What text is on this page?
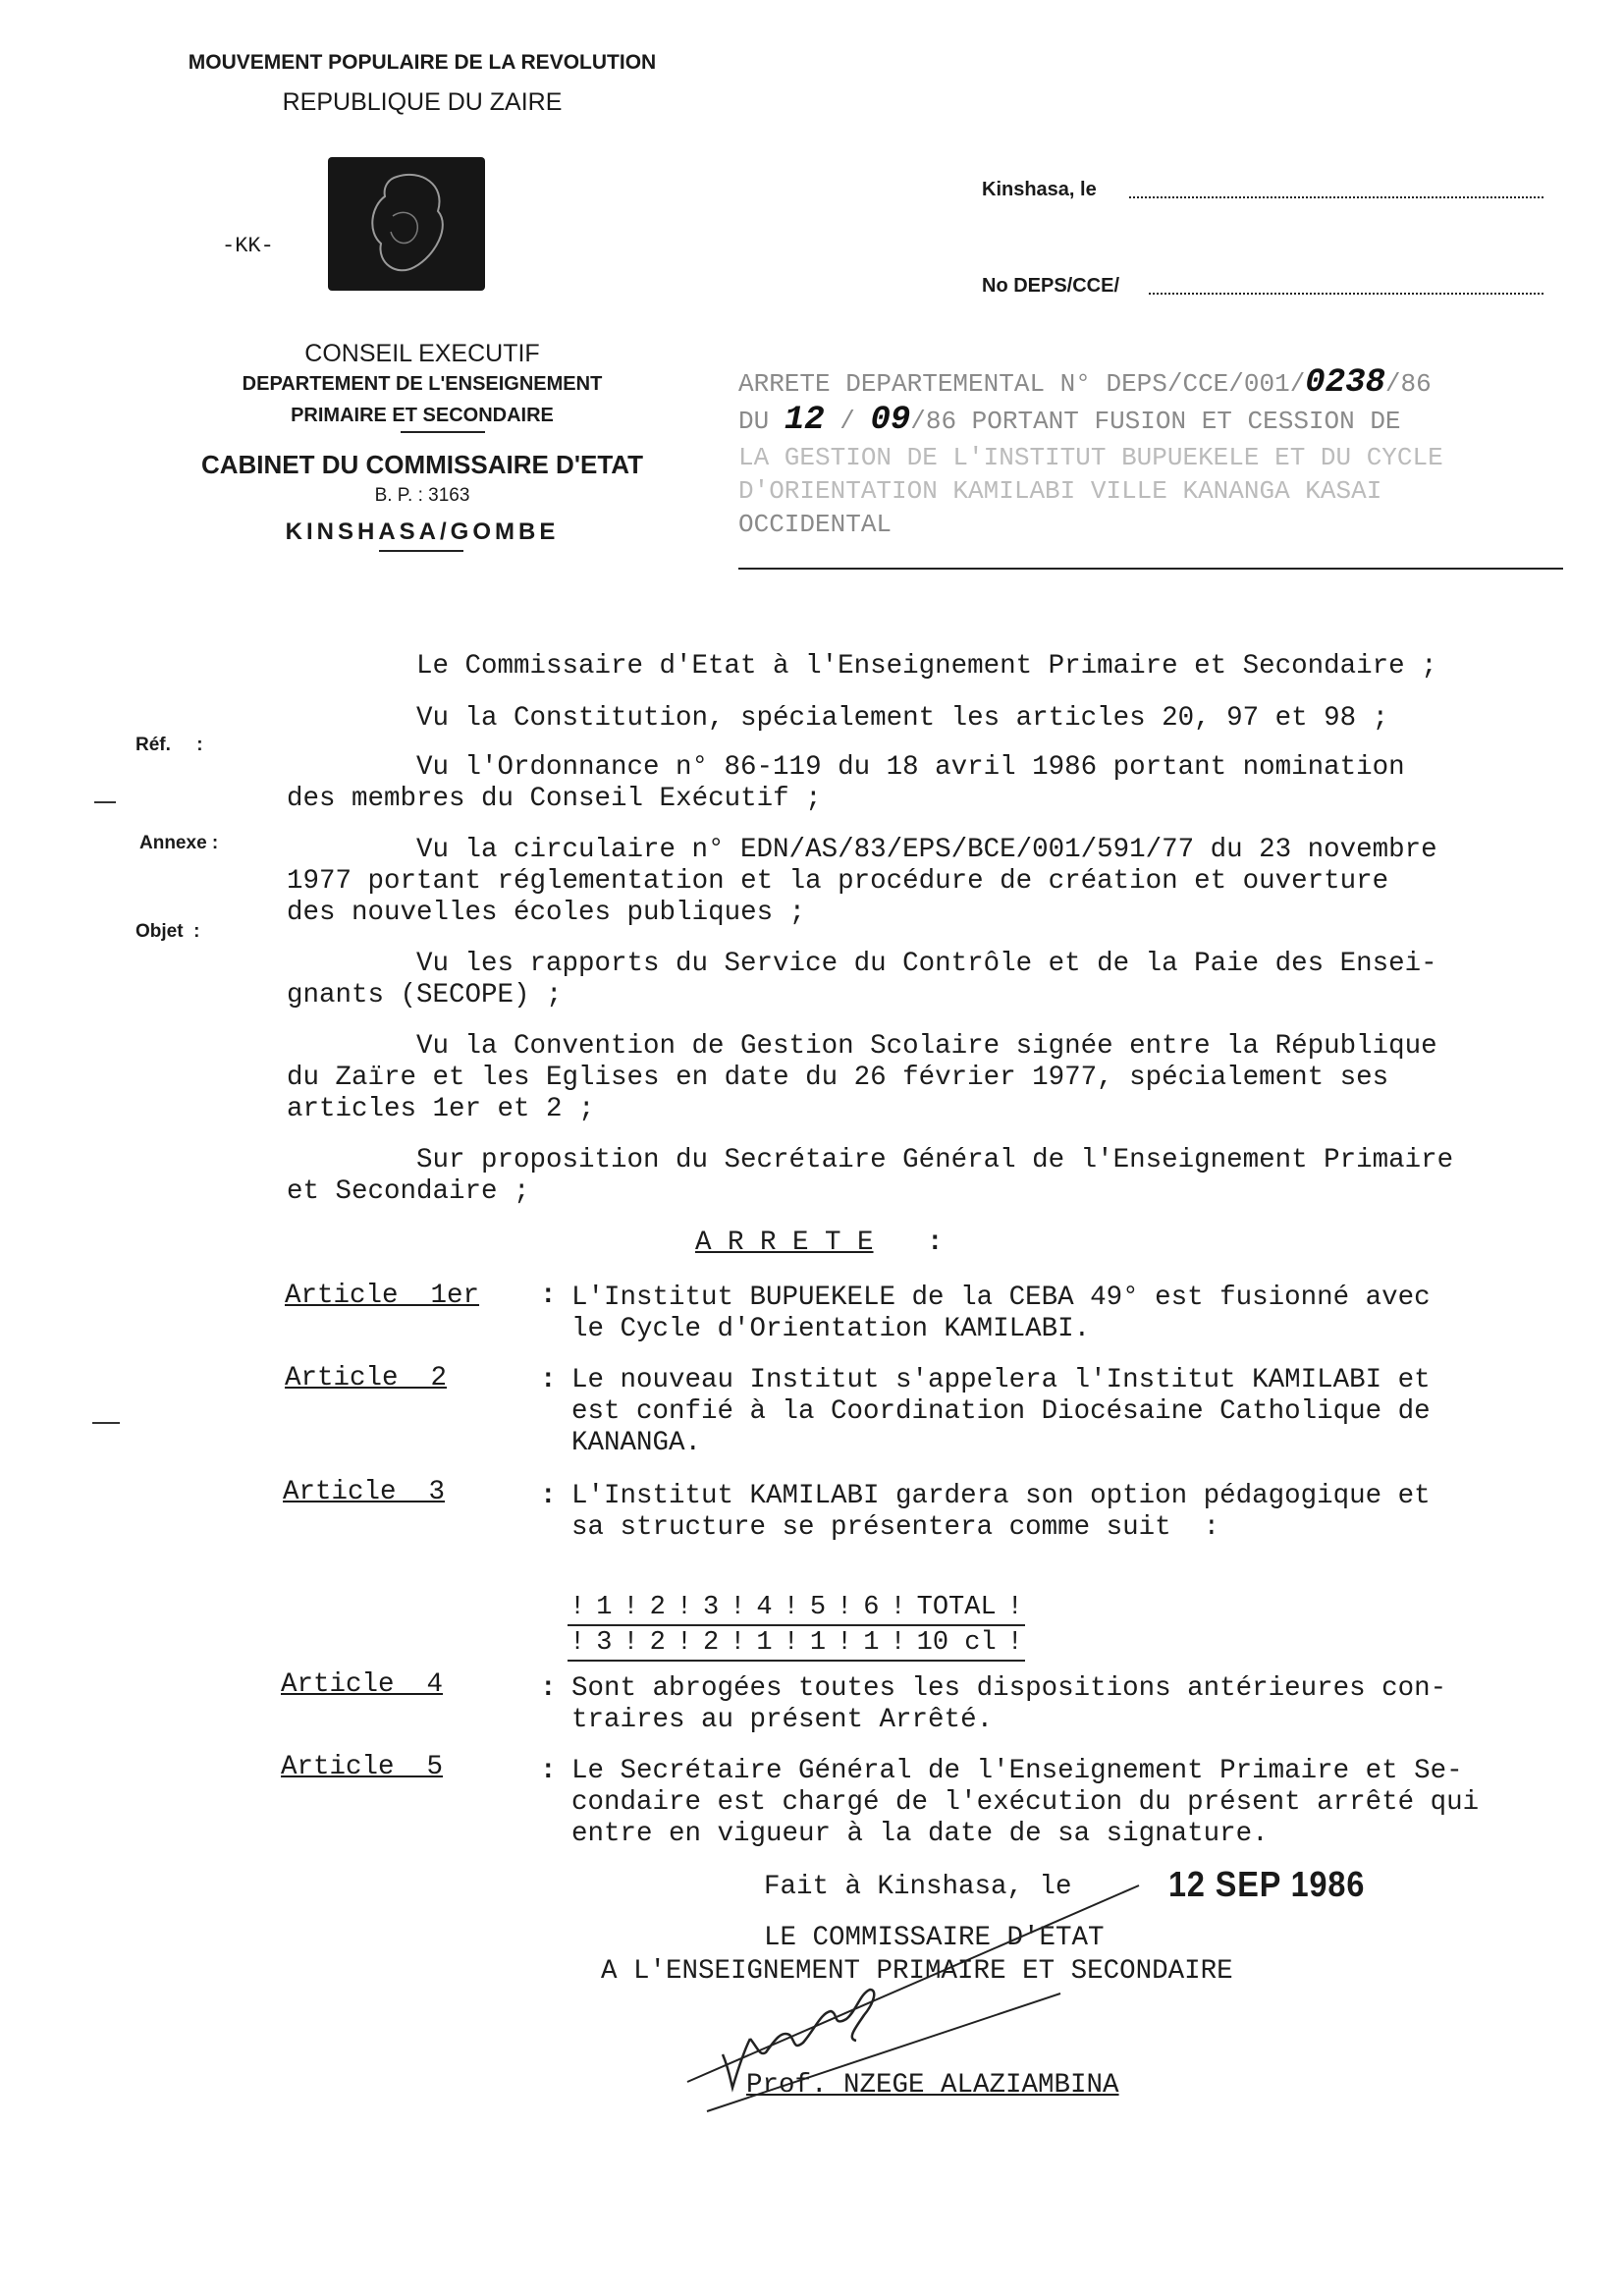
MOUVEMENT POPULAIRE DE LA REVOLUTION
REPUBLIQUE DU ZAIRE
-KK-
CONSEIL EXECUTIF
DEPARTEMENT DE L'ENSEIGNEMENT
PRIMAIRE ET SECONDAIRE
CABINET DU COMMISSAIRE D'ETAT
B. P. : 3163
KINSHASA/GOMBE
Kinshasa, le
No DEPS/CCE/
ARRETE DEPARTEMENTAL N° DEPS/CCE/001/0238/86
DU 12 / 09/86 PORTANT FUSION ET CESSION DE
LA GESTION DE L'INSTITUT BUPUEKELE ET DU CYCLE
D'ORIENTATION KAMILABI VILLE KANANGA KASAI
OCCIDENTAL
Réf.     :
Annexe :
Objet  :
Le Commissaire d'Etat à l'Enseignement Primaire et Secondaire ;
Vu la Constitution, spécialement les articles 20, 97 et 98 ;
Vu l'Ordonnance n° 86-119 du 18 avril 1986 portant nomination
des membres du Conseil Exécutif ;
Vu la circulaire n° EDN/AS/83/EPS/BCE/001/591/77 du 23 novembre
1977 portant réglementation et la procédure de création et ouverture
des nouvelles écoles publiques ;
Vu les rapports du Service du Contrôle et de la Paie des Ensei-
gnants (SECOPE) ;
Vu la Convention de Gestion Scolaire signée entre la République
du Zaïre et les Eglises en date du 26 février 1977, spécialement ses
articles 1er et 2 ;
Sur proposition du Secrétaire Général de l'Enseignement Primaire
et Secondaire ;
A R R E T E :
Article  1er : L'Institut BUPUEKELE de la CEBA 49° est fusionné avec
le Cycle d'Orientation KAMILABI.
Article  2	: Le nouveau Institut s'appelera l'Institut KAMILABI et
est confié à la Coordination Diocésaine Catholique de
KANANGA.
Article  3	: L'Institut KAMILABI gardera son option pédagogique et
sa structure se présentera comme suit  :
!	1	!	2	!	3	!	4	!	5	!	6	!	TOTAL	!
!	3	!	2	!	2	!	1	!	1	!	1	!	10 cl	!
Article  4	: Sont abrogées toutes les dispositions antérieures con-
traires au présent Arrêté.
Article  5	: Le Secrétaire Général de l'Enseignement Primaire et Se-
condaire est chargé de l'exécution du présent arrêté qui
entre en vigueur à la date de sa signature.
Fait à Kinshasa, le	12 SEP 1986
LE COMMISSAIRE D'ETAT
A L'ENSEIGNEMENT PRIMAIRE ET SECONDAIRE
Prof. NZEGE ALAZIAMBINA
